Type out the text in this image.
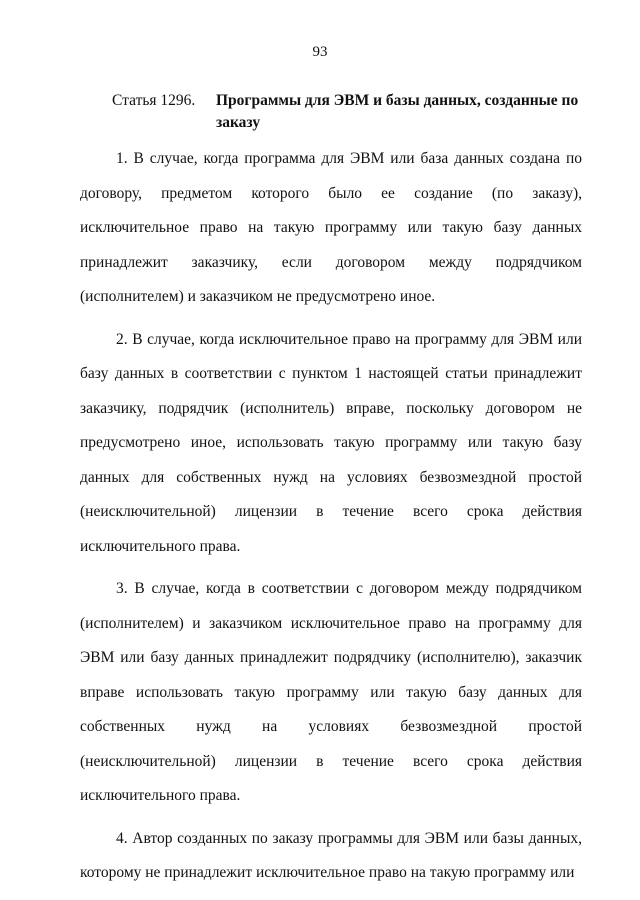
93
Статья 1296.	Программы для ЭВМ и базы данных, созданные по заказу

1. В случае, когда программа для ЭВМ или база данных создана по договору, предметом которого было ее создание (по заказу), исключительное право на такую программу или такую базу данных принадлежит заказчику, если договором между подрядчиком (исполнителем) и заказчиком не предусмотрено иное.

2. В случае, когда исключительное право на программу для ЭВМ или базу данных в соответствии с пунктом 1 настоящей статьи принадлежит заказчику, подрядчик (исполнитель) вправе, поскольку договором не предусмотрено иное, использовать такую программу или такую базу данных для собственных нужд на условиях безвозмездной простой (неисключительной) лицензии в течение всего срока действия исключительного права.

3. В случае, когда в соответствии с договором между подрядчиком (исполнителем) и заказчиком исключительное право на программу для ЭВМ или базу данных принадлежит подрядчику (исполнителю), заказчик вправе использовать такую программу или такую базу данных для собственных нужд на условиях безвозмездной простой (неисключительной) лицензии в течение всего срока действия исключительного права.

4. Автор созданных по заказу программы для ЭВМ или базы данных, которому не принадлежит исключительное право на такую программу или
